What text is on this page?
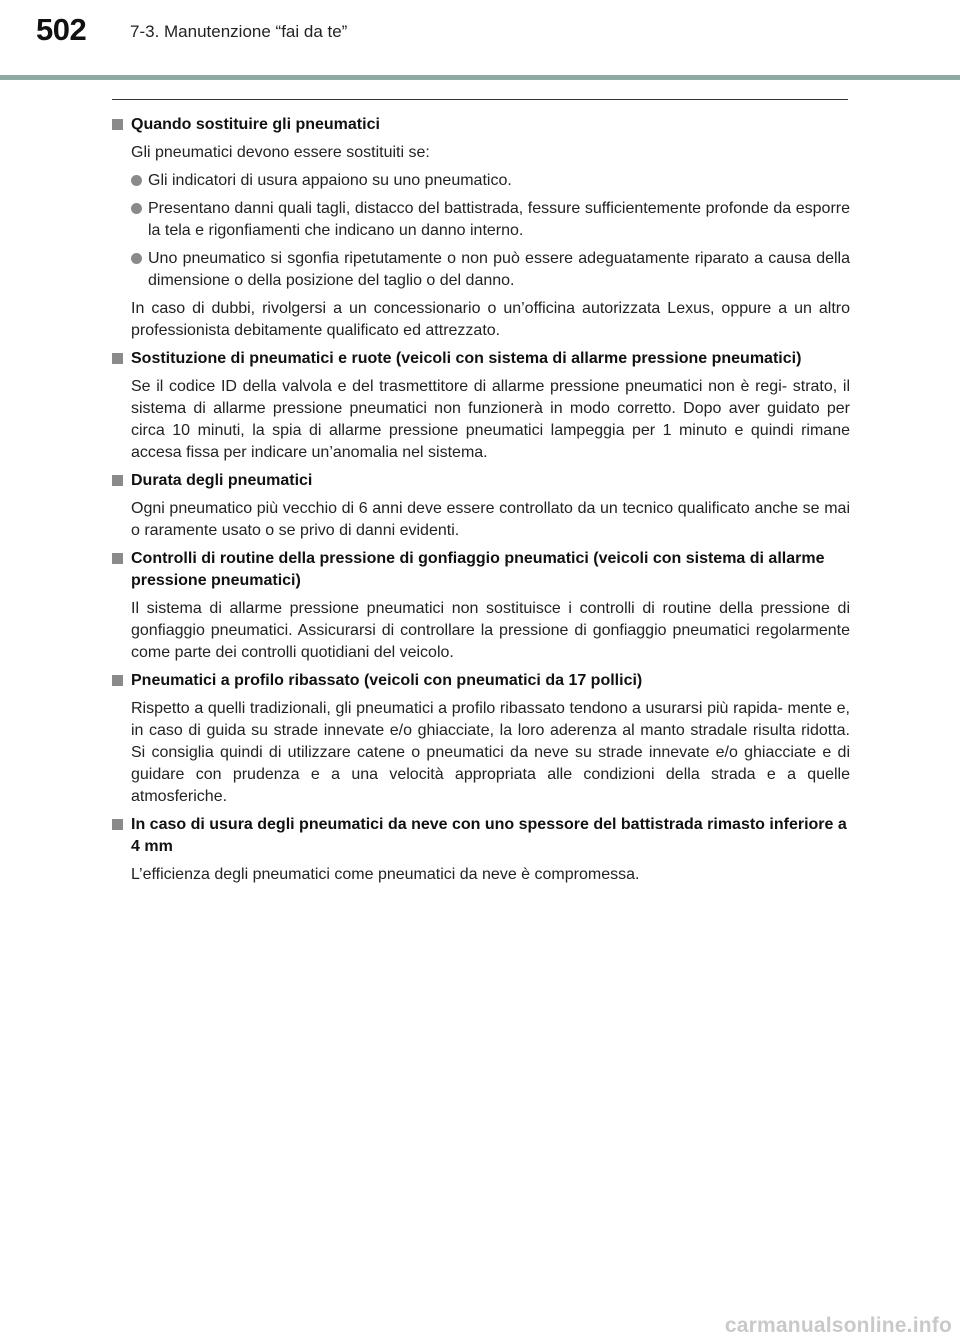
502	7-3. Manutenzione “fai da te”
Quando sostituire gli pneumatici
Gli pneumatici devono essere sostituiti se:
Gli indicatori di usura appaiono su uno pneumatico.
Presentano danni quali tagli, distacco del battistrada, fessure sufficientemente profonde da esporre la tela e rigonfiamenti che indicano un danno interno.
Uno pneumatico si sgonfia ripetutamente o non può essere adeguatamente riparato a causa della dimensione o della posizione del taglio o del danno.
In caso di dubbi, rivolgersi a un concessionario o un’officina autorizzata Lexus, oppure a un altro professionista debitamente qualificato ed attrezzato.
Sostituzione di pneumatici e ruote (veicoli con sistema di allarme pressione pneumatici)
Se il codice ID della valvola e del trasmettitore di allarme pressione pneumatici non è regi- strato, il sistema di allarme pressione pneumatici non funzionerà in modo corretto. Dopo aver guidato per circa 10 minuti, la spia di allarme pressione pneumatici lampeggia per 1 minuto e quindi rimane accesa fissa per indicare un’anomalia nel sistema.
Durata degli pneumatici
Ogni pneumatico più vecchio di 6 anni deve essere controllato da un tecnico qualificato anche se mai o raramente usato o se privo di danni evidenti.
Controlli di routine della pressione di gonfiaggio pneumatici (veicoli con sistema di allarme pressione pneumatici)
Il sistema di allarme pressione pneumatici non sostituisce i controlli di routine della pressione di gonfiaggio pneumatici. Assicurarsi di controllare la pressione di gonfiaggio pneumatici regolarmente come parte dei controlli quotidiani del veicolo.
Pneumatici a profilo ribassato (veicoli con pneumatici da 17 pollici)
Rispetto a quelli tradizionali, gli pneumatici a profilo ribassato tendono a usurarsi più rapida- mente e, in caso di guida su strade innevate e/o ghiacciate, la loro aderenza al manto stradale risulta ridotta. Si consiglia quindi di utilizzare catene o pneumatici da neve su strade innevate e/o ghiacciate e di guidare con prudenza e a una velocità appropriata alle condizioni della strada e a quelle atmosferiche.
In caso di usura degli pneumatici da neve con uno spessore del battistrada rimasto inferiore a 4 mm
L’efficienza degli pneumatici come pneumatici da neve è compromessa.
carmanualsonline.info
